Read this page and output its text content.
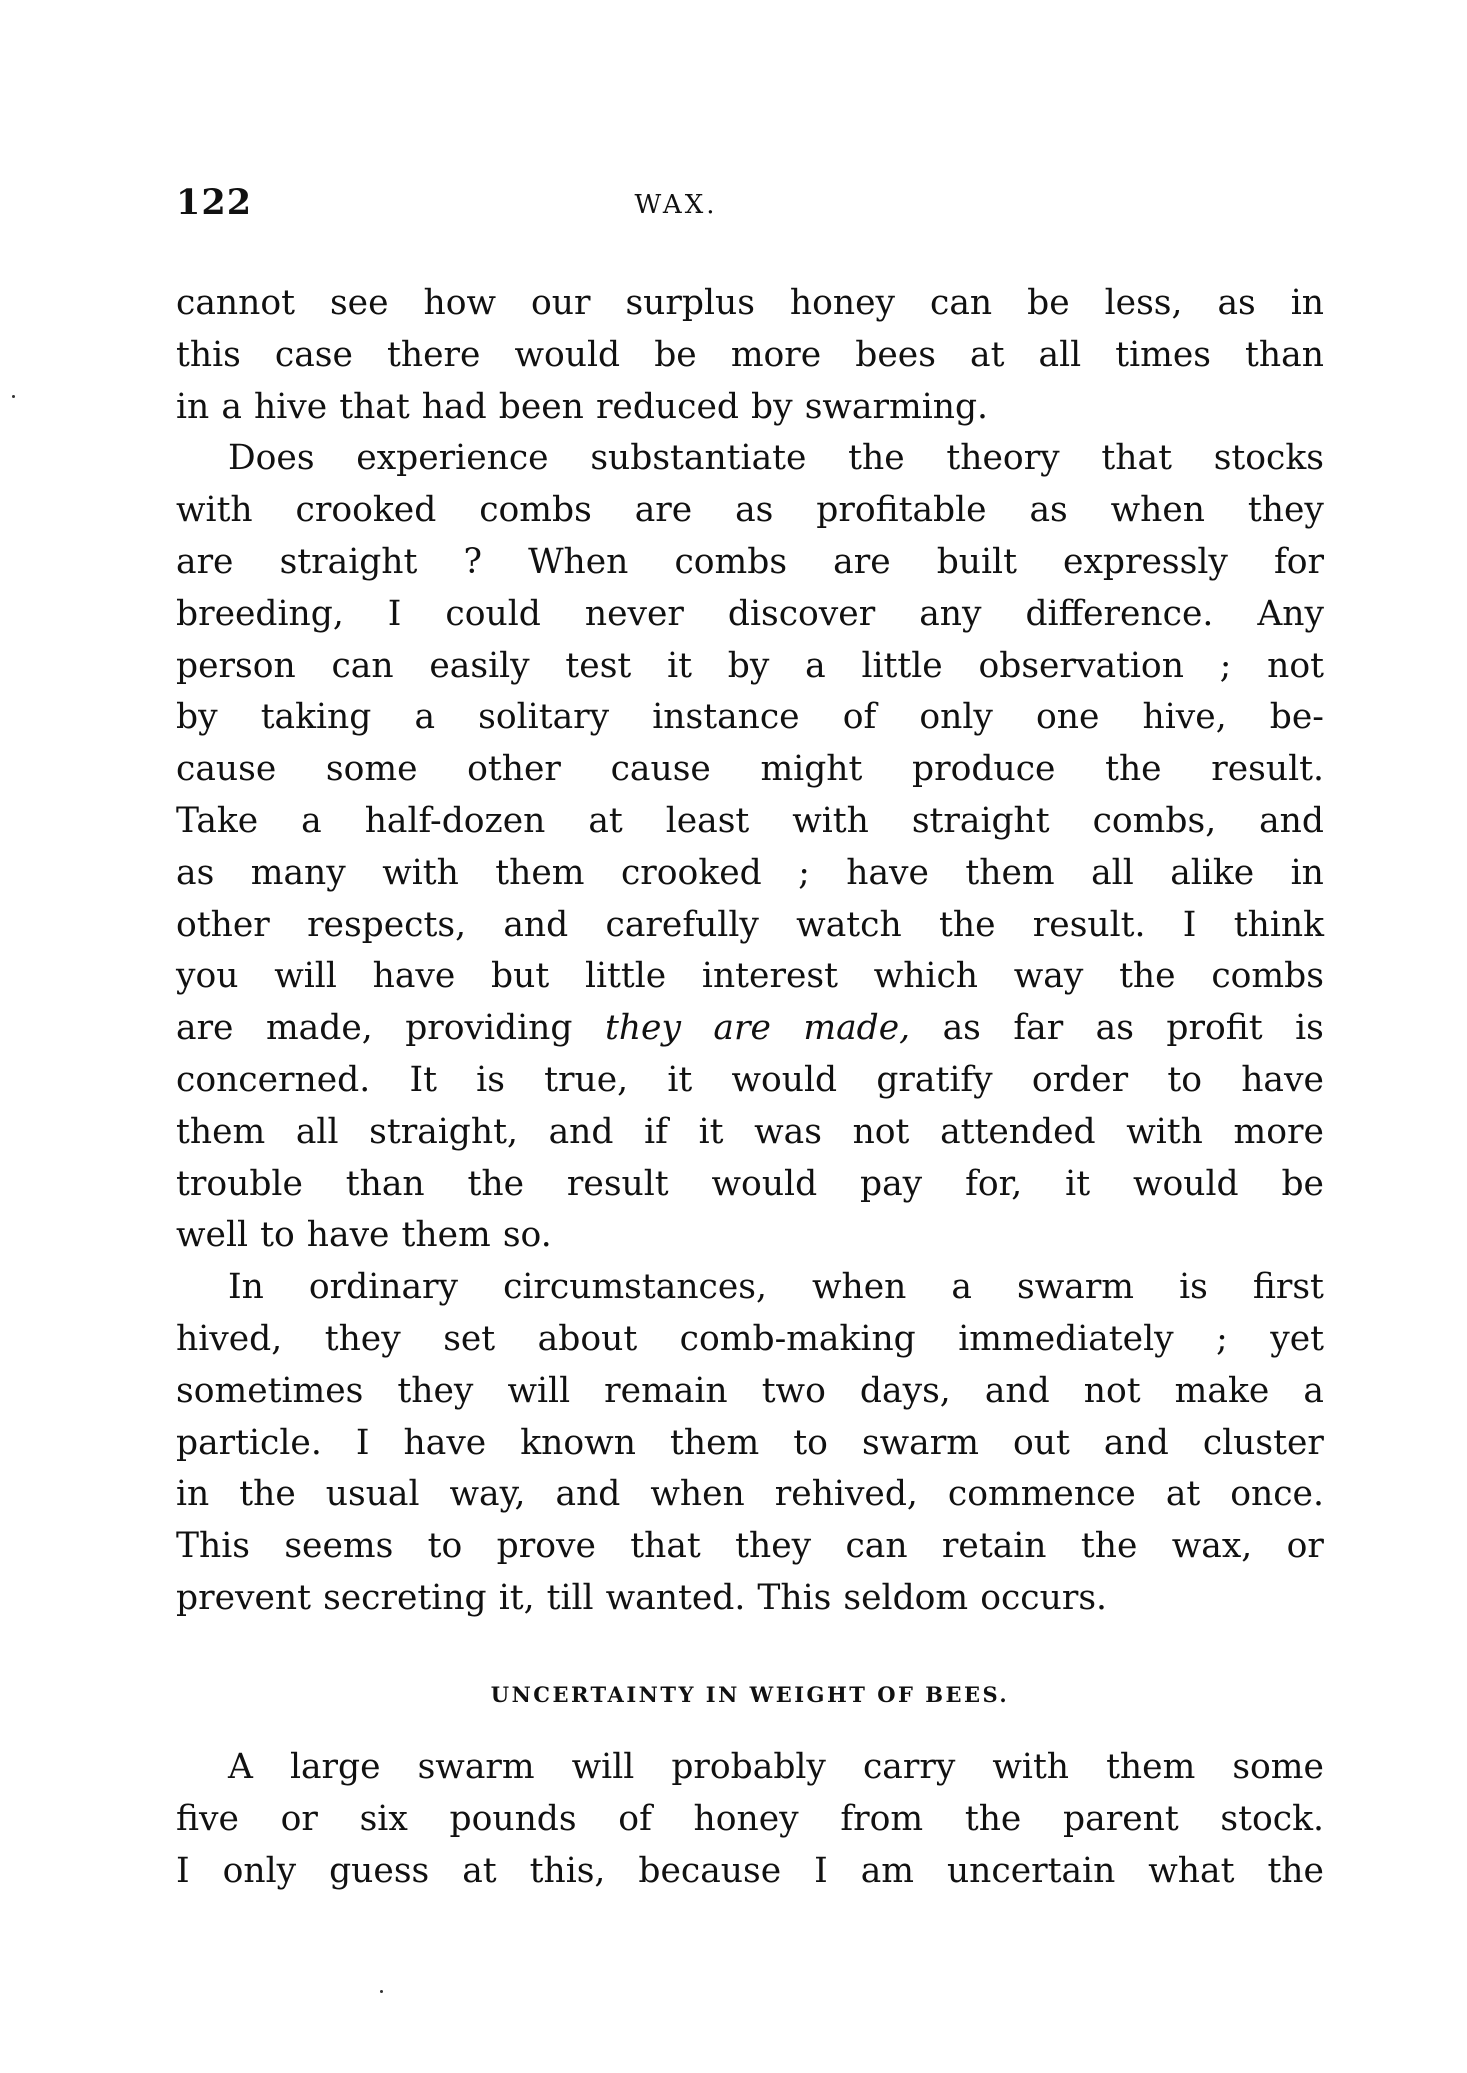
122	WAX.
cannot see how our surplus honey can be less, as in
this case there would be more bees at all times than
in a hive that had been reduced by swarming.
Does experience substantiate the theory that stocks
with crooked combs are as profitable as when they
are straight ? When combs are built expressly for
breeding, I could never discover any difference. Any
person can easily test it by a little observation ; not
by taking a solitary instance of only one hive, be-
cause some other cause might produce the result.
Take a half-dozen at least with straight combs, and
as many with them crooked ; have them all alike in
other respects, and carefully watch the result. I think
you will have but little interest which way the combs
are made, providing they are made, as far as profit is
concerned. It is true, it would gratify order to have
them all straight, and if it was not attended with more
trouble than the result would pay for, it would be
well to have them so.
In ordinary circumstances, when a swarm is first
hived, they set about comb-making immediately ; yet
sometimes they will remain two days, and not make a
particle. I have known them to swarm out and cluster
in the usual way, and when rehived, commence at once.
This seems to prove that they can retain the wax, or
prevent secreting it, till wanted. This seldom occurs.
UNCERTAINTY IN WEIGHT OF BEES.
A large swarm will probably carry with them some
five or six pounds of honey from the parent stock.
I only guess at this, because I am uncertain what the
